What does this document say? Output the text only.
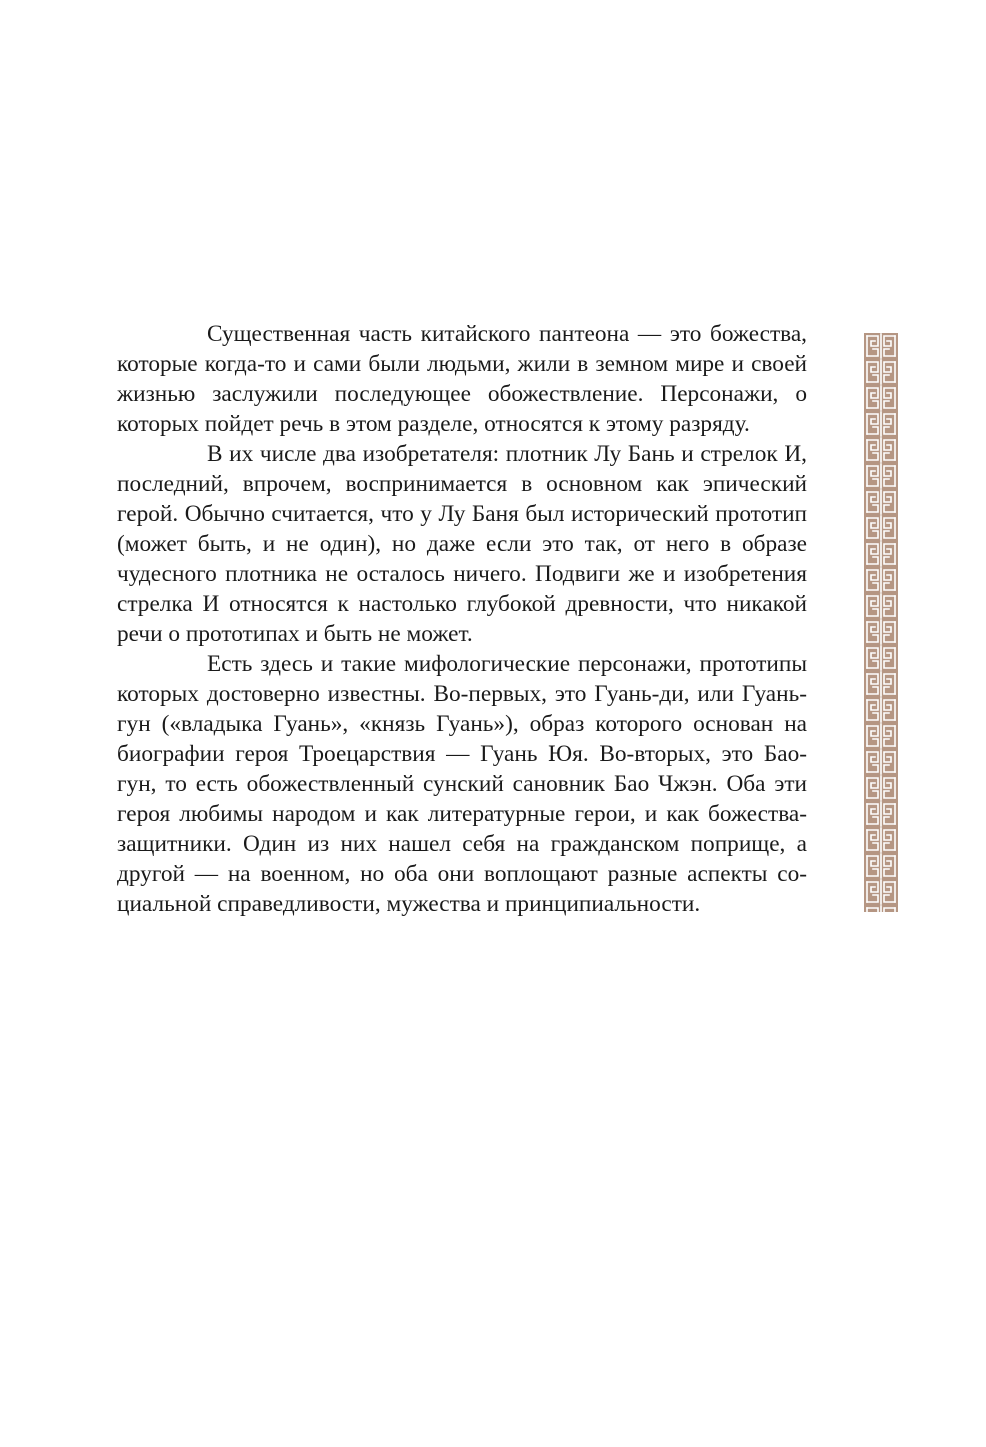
Существенная часть китайского пантеона — это божества, которые когда-то и сами были людьми, жили в земном мире и своей жизнью заслужили последующее обожествление. Персонажи, о которых пойдет речь в этом разделе, относятся к этому разряду.

В их числе два изобретателя: плотник Лу Бань и стрелок И, последний, впрочем, воспринимается в основном как эпический герой. Обычно считается, что у Лу Баня был исторический прототип (может быть, и не один), но даже если это так, от него в образе чудесного плотника не осталось ничего. Подвиги же и изобретения стрелка И относятся к настолько глубокой древности, что никакой речи о прототипах и быть не может.

Есть здесь и такие мифологические персонажи, прототипы которых достоверно известны. Во-первых, это Гуань-ди, или Гуань-гун («владыка Гуань», «князь Гуань»), образ которого основан на биографии героя Троецарствия — Гуань Юя. Во-вторых, это Бао-гун, то есть обожествленный сунский сановник Бао Чжэн. Оба эти героя любимы народом и как литературные герои, и как божества-защитники. Один из них нашел себя на гражданском поприще, а другой — на военном, но оба они воплощают разные аспекты социальной справедливости, мужества и принципиальности.
